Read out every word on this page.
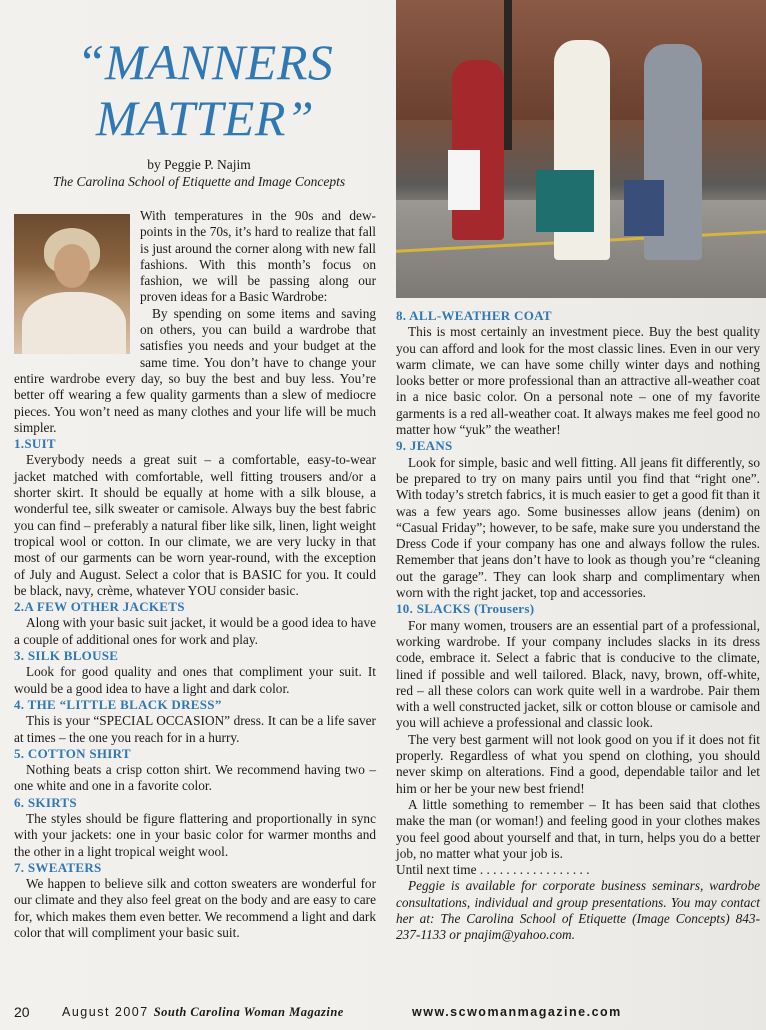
“MANNERS MATTER”
by Peggie P. Najim
The Carolina School of Etiquette and Image Concepts

With temperatures in the 90s and dew-points in the 70s, it’s hard to realize that fall is just around the corner along with new fall fashions. With this month’s focus on fashion, we will be passing along our proven ideas for a Basic Wardrobe:

By spending on some items and saving on others, you can build a wardrobe that satisfies you needs and your budget at the same time. You don’t have to change your entire wardrobe every day, so buy the best and buy less. You’re better off wearing a few quality garments than a slew of mediocre pieces. You won’t need as many clothes and your life will be much simpler.

1.SUIT

Everybody needs a great suit – a comfortable, easy-to-wear jacket matched with comfortable, well fitting trousers and/or a shorter skirt. It should be equally at home with a silk blouse, a wonderful tee, silk sweater or camisole. Always buy the best fabric you can find – preferably a natural fiber like silk, linen, light weight tropical wool or cotton. In our climate, we are very lucky in that most of our garments can be worn year-round, with the exception of July and August. Select a color that is BASIC for you. It could be black, navy, crème, whatever YOU consider basic.

2.A FEW OTHER JACKETS

Along with your basic suit jacket, it would be a good idea to have a couple of additional ones for work and play.

3. SILK BLOUSE

Look for good quality and ones that compliment your suit. It would be a good idea to have a light and dark color.

4. THE “LITTLE BLACK DRESS”

This is your “SPECIAL OCCASION” dress. It can be a life saver at times – the one you reach for in a hurry.

5. COTTON SHIRT

Nothing beats a crisp cotton shirt. We recommend having two – one white and one in a favorite color.

6. SKIRTS

The styles should be figure flattering and proportionally in sync with your jackets: one in your basic color for warmer months and the other in a light tropical weight wool.

7. SWEATERS

We happen to believe silk and cotton sweaters are wonderful for our climate and they also feel great on the body and are easy to care for, which makes them even better. We recommend a light and dark color that will compliment your basic suit.

8. ALL-WEATHER COAT

This is most certainly an investment piece. Buy the best quality you can afford and look for the most classic lines. Even in our very warm climate, we can have some chilly winter days and nothing looks better or more professional than an attractive all-weather coat in a nice basic color. On a personal note – one of my favorite garments is a red all-weather coat. It always makes me feel good no matter how “yuk” the weather!

9. JEANS

Look for simple, basic and well fitting. All jeans fit differently, so be prepared to try on many pairs until you find that “right one”. With today’s stretch fabrics, it is much easier to get a good fit than it was a few years ago. Some businesses allow jeans (denim) on “Casual Friday”; however, to be safe, make sure you understand the Dress Code if your company has one and always follow the rules. Remember that jeans don’t have to look as though you’re “cleaning out the garage”. They can look sharp and complimentary when worn with the right jacket, top and accessories.

10. SLACKS (Trousers)

For many women, trousers are an essential part of a professional, working wardrobe. If your company includes slacks in its dress code, embrace it. Select a fabric that is conducive to the climate, lined if possible and well tailored. Black, navy, brown, off-white, red – all these colors can work quite well in a wardrobe. Pair them with a well constructed jacket, silk or cotton blouse or camisole and you will achieve a professional and classic look.

The very best garment will not look good on you if it does not fit properly. Regardless of what you spend on clothing, you should never skimp on alterations. Find a good, dependable tailor and let him or her be your new best friend!

A little something to remember – It has been said that clothes make the man (or woman!) and feeling good in your clothes makes you feel good about yourself and that, in turn, helps you do a better job, no matter what your job is.

Until next time . . . . . . . . . . . . . . . . .

Peggie is available for corporate business seminars, wardrobe consultations, individual and group presentations. You may contact her at: The Carolina School of Etiquette (Image Concepts) 843-237-1133 or pnajim@yahoo.com.

20	August 2007 South Carolina Woman Magazine	www.scwomanmagazine.com
